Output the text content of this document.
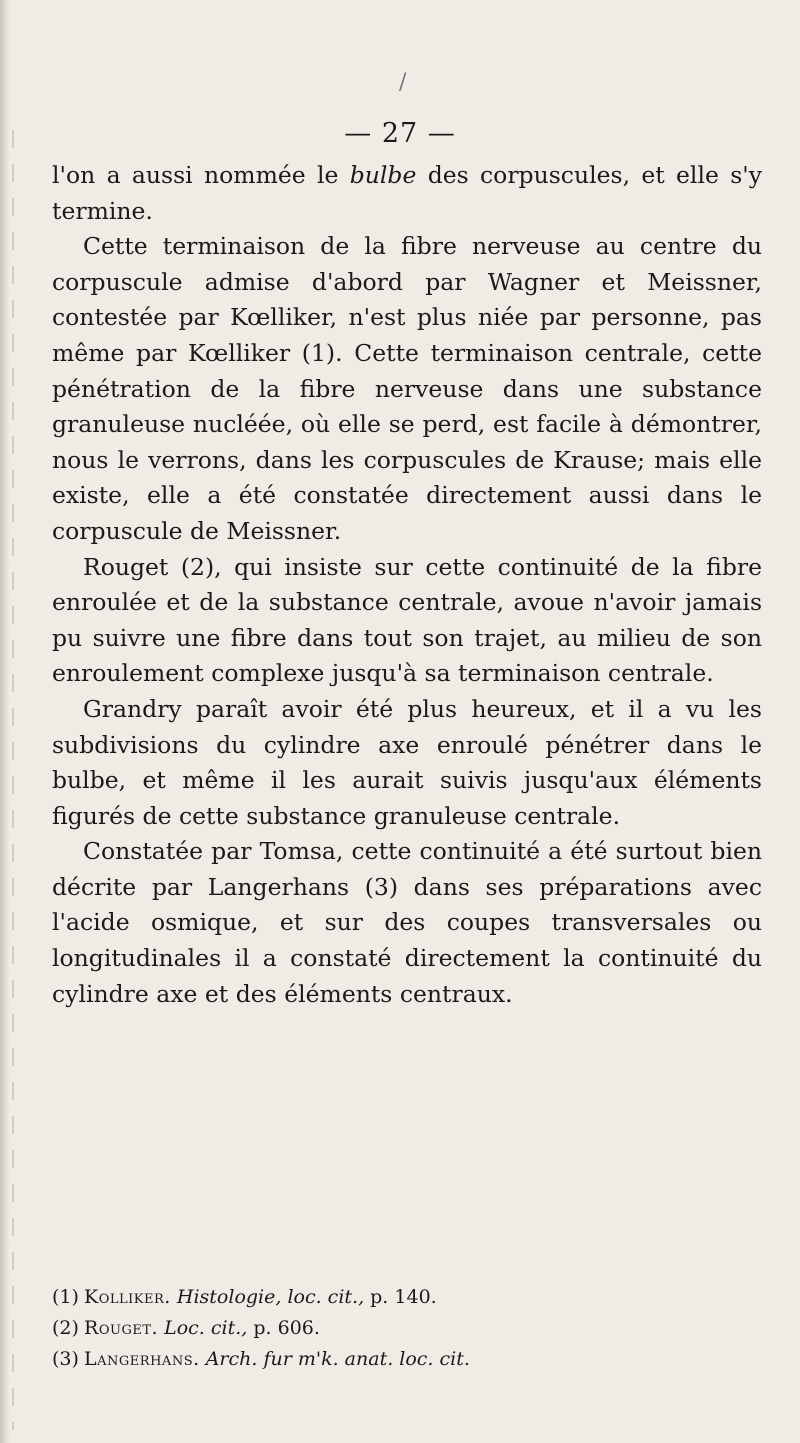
/
— 27 —

l'on a aussi nommée le bulbe des corpuscules, et elle s'y termine.

Cette terminaison de la fibre nerveuse au centre du corpuscule admise d'abord par Wagner et Meissner, contestée par Kœlliker, n'est plus niée par personne, pas même par Kœlliker (1). Cette terminaison centrale, cette pénétration de la fibre nerveuse dans une substance granuleuse nucléée, où elle se perd, est facile à démontrer, nous le verrons, dans les corpuscules de Krause; mais elle existe, elle a été constatée directement aussi dans le corpuscule de Meissner.

Rouget (2), qui insiste sur cette continuité de la fibre enroulée et de la substance centrale, avoue n'avoir jamais pu suivre une fibre dans tout son trajet, au milieu de son enroulement complexe jusqu'à sa terminaison centrale.

Grandry paraît avoir été plus heureux, et il a vu les subdivisions du cylindre axe enroulé pénétrer dans le bulbe, et même il les aurait suivis jusqu'aux éléments figurés de cette substance granuleuse centrale.

Constatée par Tomsa, cette continuité a été surtout bien décrite par Langerhans (3) dans ses préparations avec l'acide osmique, et sur des coupes transversales ou longitudinales il a constaté directement la continuité du cylindre axe et des éléments centraux.

(1) Kolliker. Histologie, loc. cit., p. 140.
(2) Rouget. Loc. cit., p. 606.
(3) Langerhans. Arch. fur m'k. anat. loc. cit.
